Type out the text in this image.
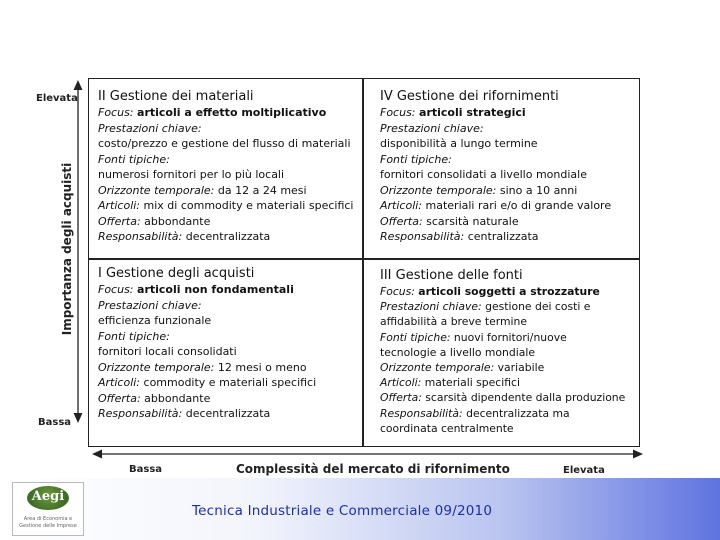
Tecnica Industriale e Commerciale 09/2010
Aegi
Area di Economia e Gestione delle Imprese
Elevata
Bassa
Importanza degli acquisti
Bassa	Complessità del mercato di rifornimento	Elevata
II Gestione dei materiali
Focus: articoli a effetto moltiplicativo
Prestazioni chiave:
costo/prezzo e gestione del flusso di materiali
Fonti tipiche:
numerosi fornitori per lo più locali
Orizzonte temporale: da 12 a 24 mesi
Articoli: mix di commodity e materiali specifici
Offerta: abbondante
Responsabilità: decentralizzata
IV Gestione dei rifornimenti
Focus: articoli strategici
Prestazioni chiave:
disponibilità a lungo termine
Fonti tipiche:
fornitori consolidati a livello mondiale
Orizzonte temporale: sino a 10 anni
Articoli: materiali rari e/o di grande valore
Offerta: scarsità naturale
Responsabilità: centralizzata
I Gestione degli acquisti
Focus: articoli non fondamentali
Prestazioni chiave:
efficienza funzionale
Fonti tipiche:
fornitori locali consolidati
Orizzonte temporale: 12 mesi o meno
Articoli: commodity e materiali specifici
Offerta: abbondante
Responsabilità: decentralizzata
III Gestione delle fonti
Focus: articoli soggetti a strozzature
Prestazioni chiave: gestione dei costi e
affidabilità a breve termine
Fonti tipiche: nuovi fornitori/nuove
tecnologie a livello mondiale
Orizzonte temporale: variabile
Articoli: materiali specifici
Offerta: scarsità dipendente dalla produzione
Responsabilità: decentralizzata ma
coordinata centralmente
